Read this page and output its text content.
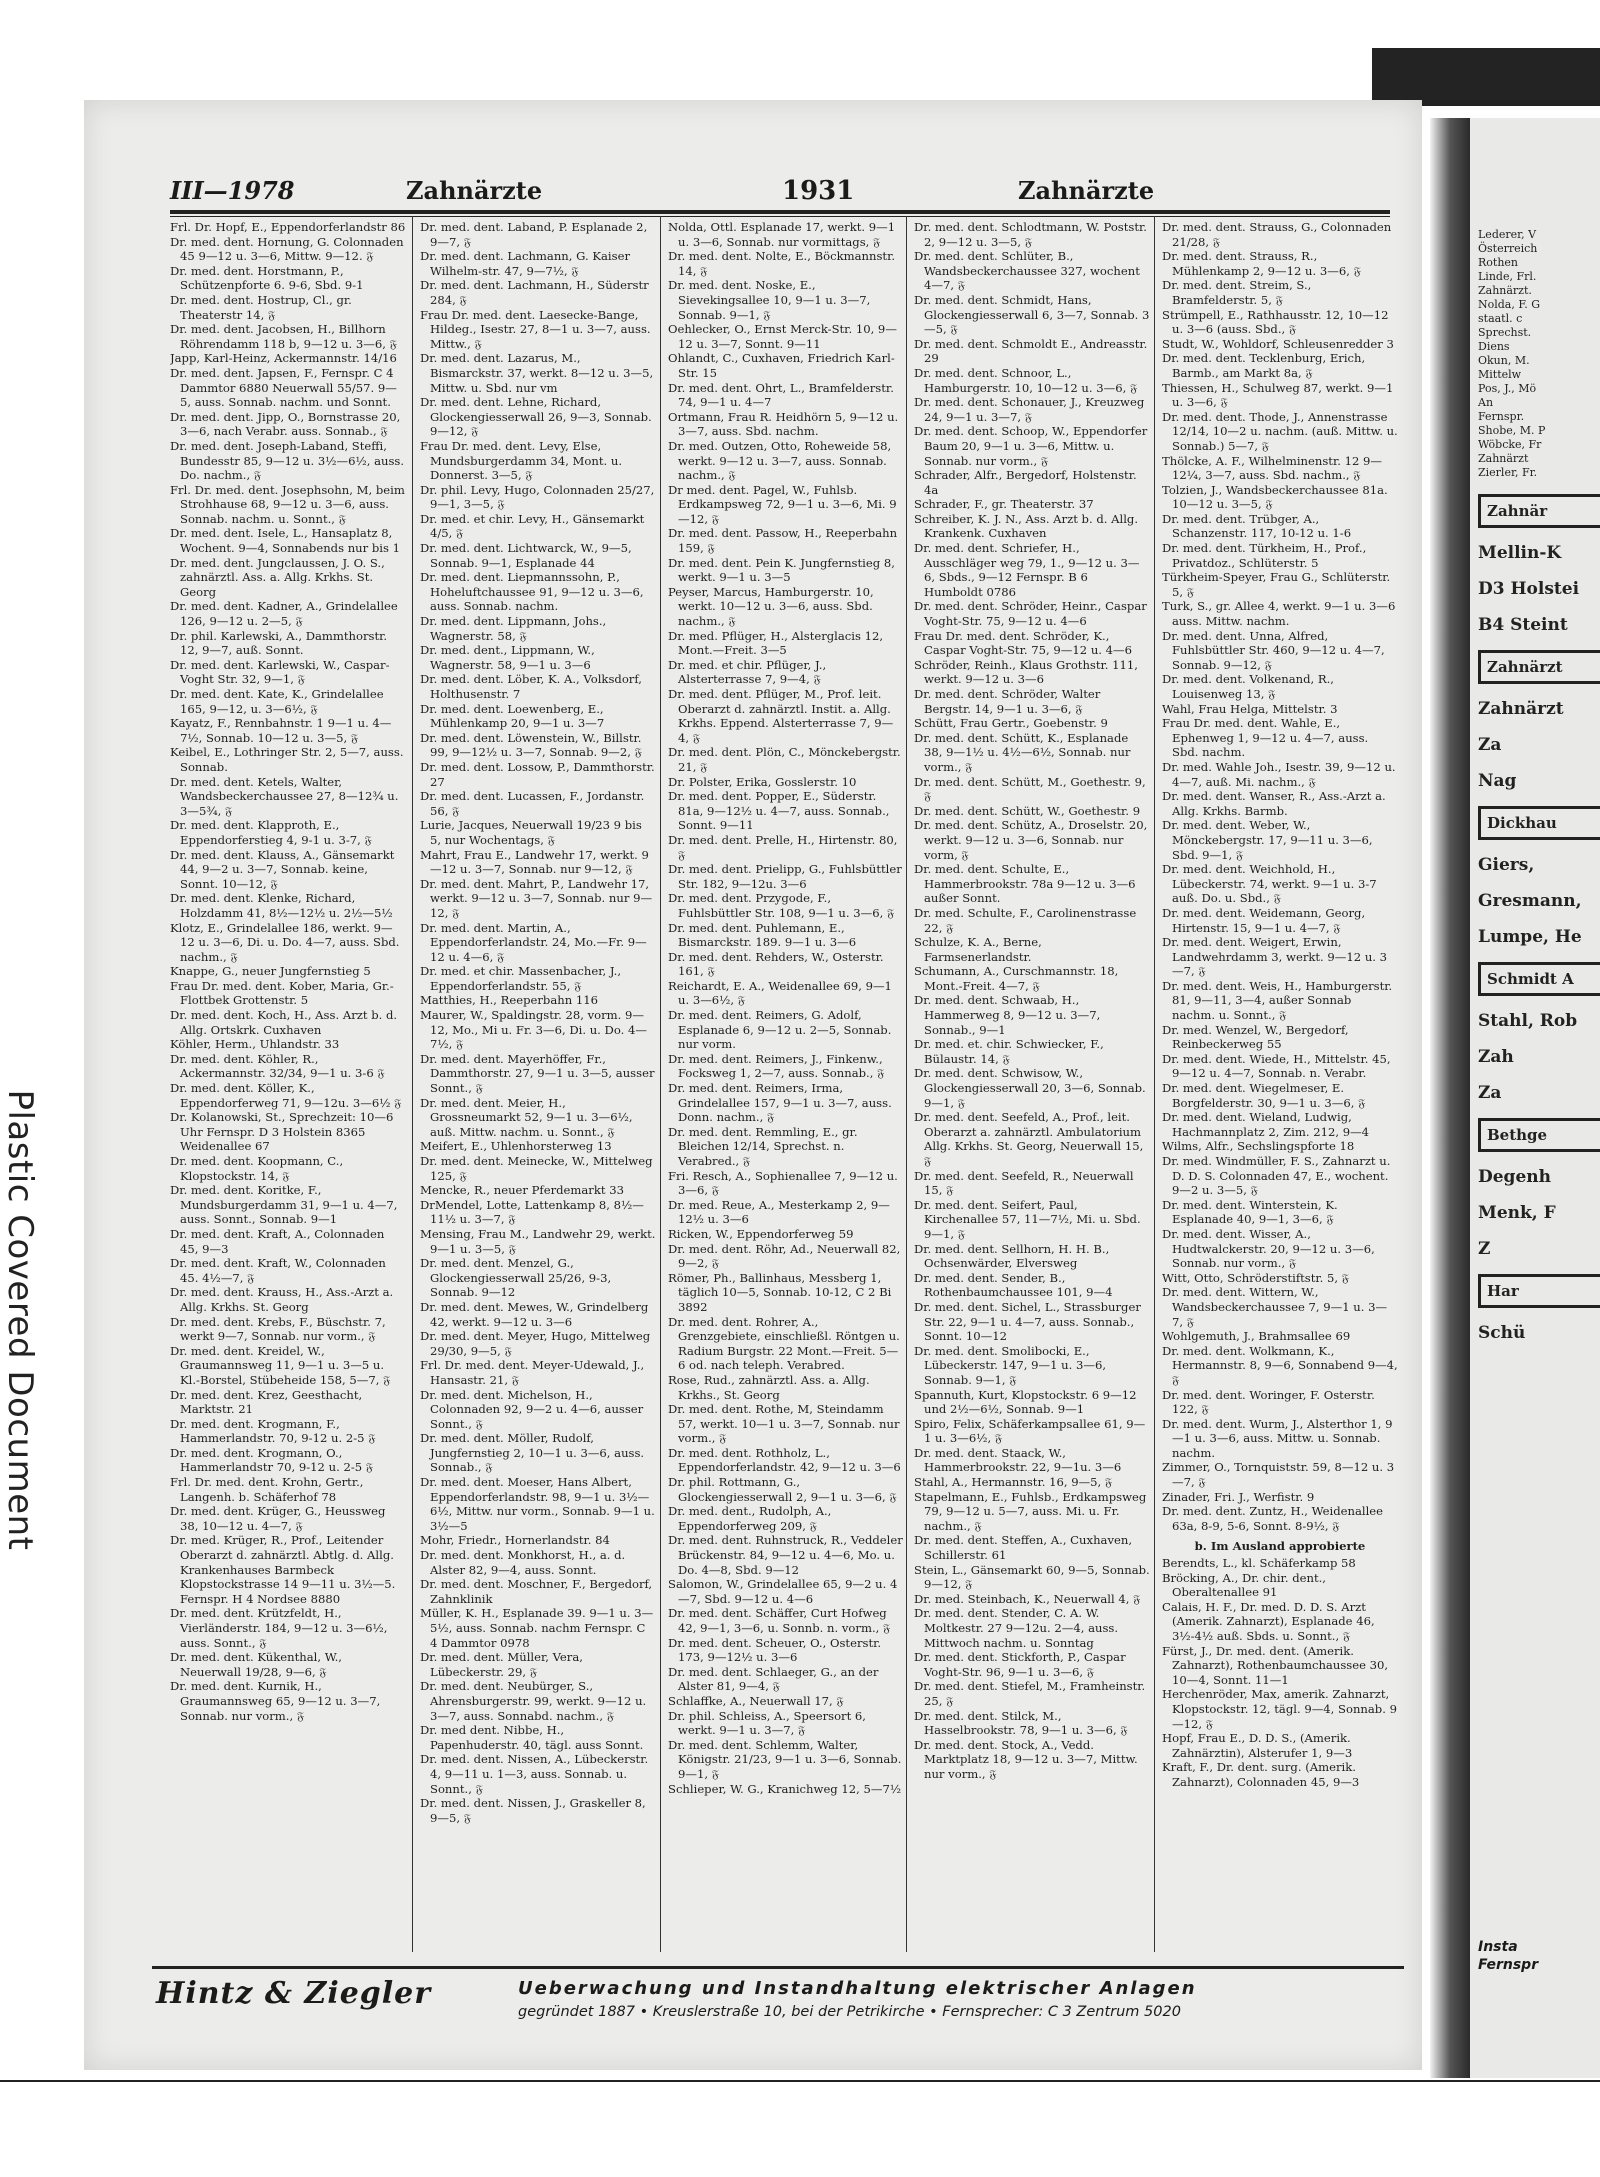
Plastic Covered Document
III—1978	Zahnärzte	1931	Zahnärzte

Frl. Dr. Hopf, E., Eppendorferlandstr 86

Dr. med. dent. Hornung, G. Colonnaden 45 9—12 u. 3—6, Mittw. 9—12. 𝔉

Dr. med. dent. Horstmann, P., Schützenpforte 6. 9-6, Sbd. 9-1

Dr. med. dent. Hostrup, Cl., gr. Theaterstr 14, 𝔉

Dr. med. dent. Jacobsen, H., Billhorn Röhrendamm 118 b, 9—12 u. 3—6, 𝔉

Japp, Karl-Heinz, Ackermannstr. 14/16

Dr. med. dent. Japsen, F., Fernspr. C 4 Dammtor 6880 Neuerwall 55/57. 9—5, auss. Sonnab. nachm. und Sonnt.

Dr. med. dent. Jipp, O., Bornstrasse 20, 3—6, nach Verabr. auss. Sonnab., 𝔉

Dr. med. dent. Joseph-Laband, Steffi, Bundesstr 85, 9—12 u. 3½—6½, auss. Do. nachm., 𝔉

Frl. Dr. med. dent. Josephsohn, M, beim Strohhause 68, 9—12 u. 3—6, auss. Sonnab. nachm. u. Sonnt., 𝔉

Dr. med. dent. Isele, L., Hansaplatz 8, Wochent. 9—4, Sonnabends nur bis 1

Dr. med. dent. Jungclaussen, J. O. S., zahnärztl. Ass. a. Allg. Krkhs. St. Georg

Dr. med. dent. Kadner, A., Grindelallee 126, 9—12 u. 2—5, 𝔉

Dr. phil. Karlewski, A., Dammthorstr. 12, 9—7, auß. Sonnt.

Dr. med. dent. Karlewski, W., Caspar-Voght Str. 32, 9—1, 𝔉

Dr. med. dent. Kate, K., Grindelallee 165, 9—12, u. 3—6½, 𝔉

Kayatz, F., Rennbahnstr. 1 9—1 u. 4—7½, Sonnab. 10—12 u. 3—5, 𝔉

Keibel, E., Lothringer Str. 2, 5—7, auss. Sonnab.

Dr. med. dent. Ketels, Walter, Wandsbeckerchaussee 27, 8—12¾ u. 3—5¾, 𝔉

Dr. med. dent. Klapproth, E., Eppendorferstieg 4, 9-1 u. 3-7, 𝔉

Dr. med. dent. Klauss, A., Gänsemarkt 44, 9—2 u. 3—7, Sonnab. keine, Sonnt. 10—12, 𝔉

Dr. med. dent. Klenke, Richard, Holzdamm 41, 8½—12½ u. 2½—5½

Klotz, E., Grindelallee 186, werkt. 9—12 u. 3—6, Di. u. Do. 4—7, auss. Sbd. nachm., 𝔉

Knappe, G., neuer Jungfernstieg 5

Frau Dr. med. dent. Kober, Maria, Gr.-Flottbek Grottenstr. 5

Dr. med. dent. Koch, H., Ass. Arzt b. d. Allg. Ortskrk. Cuxhaven

Köhler, Herm., Uhlandstr. 33

Dr. med. dent. Köhler, R., Ackermannstr. 32/34, 9—1 u. 3-6 𝔉

Dr. med. dent. Köller, K., Eppendorferweg 71, 9—12u. 3—6½ 𝔉

Dr. Kolanowski, St., Sprechzeit: 10—6 Uhr Fernspr. D 3 Holstein 8365 Weidenallee 67

Dr. med. dent. Koopmann, C., Klopstockstr. 14, 𝔉

Dr. med. dent. Koritke, F., Mundsburgerdamm 31, 9—1 u. 4—7, auss. Sonnt., Sonnab. 9—1

Dr. med. dent. Kraft, A., Colonnaden 45, 9—3

Dr. med. dent. Kraft, W., Colonnaden 45. 4½—7, 𝔉

Dr. med. dent. Krauss, H., Ass.-Arzt a. Allg. Krkhs. St. Georg

Dr. med. dent. Krebs, F., Büschstr. 7, werkt 9—7, Sonnab. nur vorm., 𝔉

Dr. med. dent. Kreidel, W., Graumannsweg 11, 9—1 u. 3—5 u. Kl.-Borstel, Stübeheide 158, 5—7, 𝔉

Dr. med. dent. Krez, Geesthacht, Marktstr. 21

Dr. med. dent. Krogmann, F., Hammerlandstr. 70, 9-12 u. 2-5 𝔉

Dr. med. dent. Krogmann, O., Hammerlandstr 70, 9-12 u. 2-5 𝔉

Frl. Dr. med. dent. Krohn, Gertr., Langenh. b. Schäferhof 78

Dr. med. dent. Krüger, G., Heussweg 38, 10—12 u. 4—7, 𝔉

Dr. med. Krüger, R., Prof., Leitender Oberarzt d. zahnärztl. Abtlg. d. Allg. Krankenhauses Barmbeck Klopstockstrasse 14 9—11 u. 3½—5. Fernspr. H 4 Nordsee 8880

Dr. med. dent. Krützfeldt, H., Vierländerstr. 184, 9—12 u. 3—6½, auss. Sonnt., 𝔉

Dr. med. dent. Kükenthal, W., Neuerwall 19/28, 9—6, 𝔉

Dr. med. dent. Kurnik, H., Graumannsweg 65, 9—12 u. 3—7, Sonnab. nur vorm., 𝔉

Dr. med. dent. Laband, P. Esplanade 2, 9—7, 𝔉

Dr. med. dent. Lachmann, G. Kaiser Wilhelm-str. 47, 9—7½, 𝔉

Dr. med. dent. Lachmann, H., Süderstr 284, 𝔉

Frau Dr. med. dent. Laesecke-Bange, Hildeg., Isestr. 27, 8—1 u. 3—7, auss. Mittw., 𝔉

Dr. med. dent. Lazarus, M., Bismarckstr. 37, werkt. 8—12 u. 3—5, Mittw. u. Sbd. nur vm

Dr. med. dent. Lehne, Richard, Glockengiesserwall 26, 9—3, Sonnab. 9—12, 𝔉

Frau Dr. med. dent. Levy, Else, Mundsburgerdamm 34, Mont. u. Donnerst. 3—5, 𝔉

Dr. phil. Levy, Hugo, Colonnaden 25/27, 9—1, 3—5, 𝔉

Dr. med. et chir. Levy, H., Gänsemarkt 4/5, 𝔉

Dr. med. dent. Lichtwarck, W., 9—5, Sonnab. 9—1, Esplanade 44

Dr. med. dent. Liepmannssohn, P., Hoheluftchaussee 91, 9—12 u. 3—6, auss. Sonnab. nachm.

Dr. med. dent. Lippmann, Johs., Wagnerstr. 58, 𝔉

Dr. med. dent., Lippmann, W., Wagnerstr. 58, 9—1 u. 3—6

Dr. med. dent. Löber, K. A., Volksdorf, Holthusenstr. 7

Dr. med. dent. Loewenberg, E., Mühlenkamp 20, 9—1 u. 3—7

Dr. med. dent. Löwenstein, W., Billstr. 99, 9—12½ u. 3—7, Sonnab. 9—2, 𝔉

Dr. med. dent. Lossow, P., Dammthorstr. 27

Dr. med. dent. Lucassen, F., Jordanstr. 56, 𝔉

Lurie, Jacques, Neuerwall 19/23 9 bis 5, nur Wochentags, 𝔉

Mahrt, Frau E., Landwehr 17, werkt. 9—12 u. 3—7, Sonnab. nur 9—12, 𝔉

Dr. med. dent. Mahrt, P., Landwehr 17, werkt. 9—12 u. 3—7, Sonnab. nur 9—12, 𝔉

Dr. med. dent. Martin, A., Eppendorferlandstr. 24, Mo.—Fr. 9—12 u. 4—6, 𝔉

Dr. med. et chir. Massenbacher, J., Eppendorferlandstr. 55, 𝔉

Matthies, H., Reeperbahn 116

Maurer, W., Spaldingstr. 28, vorm. 9—12, Mo., Mi u. Fr. 3—6, Di. u. Do. 4—7½, 𝔉

Dr. med. dent. Mayerhöffer, Fr., Dammthorstr. 27, 9—1 u. 3—5, ausser Sonnt., 𝔉

Dr. med. dent. Meier, H., Grossneumarkt 52, 9—1 u. 3—6½, auß. Mittw. nachm. u. Sonnt., 𝔉

Meifert, E., Uhlenhorsterweg 13

Dr. med. dent. Meinecke, W., Mittelweg 125, 𝔉

Mencke, R., neuer Pferdemarkt 33

DrMendel, Lotte, Lattenkamp 8, 8½—11½ u. 3—7, 𝔉

Mensing, Frau M., Landwehr 29, werkt. 9—1 u. 3—5, 𝔉

Dr. med. dent. Menzel, G., Glockengiesserwall 25/26, 9-3, Sonnab. 9—12

Dr. med. dent. Mewes, W., Grindelberg 42, werkt. 9—12 u. 3—6

Dr. med. dent. Meyer, Hugo, Mittelweg 29/30, 9—5, 𝔉

Frl. Dr. med. dent. Meyer-Udewald, J., Hansastr. 21, 𝔉

Dr. med. dent. Michelson, H., Colonnaden 92, 9—2 u. 4—6, ausser Sonnt., 𝔉

Dr. med. dent. Möller, Rudolf, Jungfernstieg 2, 10—1 u. 3—6, auss. Sonnab., 𝔉

Dr. med. dent. Moeser, Hans Albert, Eppendorferlandstr. 98, 9—1 u. 3½—6½, Mittw. nur vorm., Sonnab. 9—1 u. 3½—5

Mohr, Friedr., Hornerlandstr. 84

Dr. med. dent. Monkhorst, H., a. d. Alster 82, 9—4, auss. Sonnt.

Dr. med. dent. Moschner, F., Bergedorf, Zahnklinik

Müller, K. H., Esplanade 39. 9—1 u. 3—5½, auss. Sonnab. nachm Fernspr. C 4 Dammtor 0978

Dr. med. dent. Müller, Vera, Lübeckerstr. 29, 𝔉

Dr. med. dent. Neubürger, S., Ahrensburgerstr. 99, werkt. 9—12 u. 3—7, auss. Sonnabd. nachm., 𝔉

Dr. med dent. Nibbe, H., Papenhuderstr. 40, tägl. auss Sonnt.

Dr. med. dent. Nissen, A., Lübeckerstr. 4, 9—11 u. 1—3, auss. Sonnab. u. Sonnt., 𝔉

Dr. med. dent. Nissen, J., Graskeller 8, 9—5, 𝔉

Nolda, Ottl. Esplanade 17, werkt. 9—1 u. 3—6, Sonnab. nur vormittags, 𝔉

Dr. med. dent. Nolte, E., Böckmannstr. 14, 𝔉

Dr. med. dent. Noske, E., Sievekingsallee 10, 9—1 u. 3—7, Sonnab. 9—1, 𝔉

Oehlecker, O., Ernst Merck-Str. 10, 9—12 u. 3—7, Sonnt. 9—11

Ohlandt, C., Cuxhaven, Friedrich Karl-Str. 15

Dr. med. dent. Ohrt, L., Bramfelderstr. 74, 9—1 u. 4—7

Ortmann, Frau R. Heidhörn 5, 9—12 u. 3—7, auss. Sbd. nachm.

Dr. med. Outzen, Otto, Roheweide 58, werkt. 9—12 u. 3—7, auss. Sonnab. nachm., 𝔉

Dr med. dent. Pagel, W., Fuhlsb. Erdkampsweg 72, 9—1 u. 3—6, Mi. 9—12, 𝔉

Dr. med. dent. Passow, H., Reeperbahn 159, 𝔉

Dr. med. dent. Pein K. Jungfernstieg 8, werkt. 9—1 u. 3—5

Peyser, Marcus, Hamburgerstr. 10, werkt. 10—12 u. 3—6, auss. Sbd. nachm., 𝔉

Dr. med. Pflüger, H., Alsterglacis 12, Mont.—Freit. 3—5

Dr. med. et chir. Pflüger, J., Alsterterrasse 7, 9—4, 𝔉

Dr. med. dent. Pflüger, M., Prof. leit. Oberarzt d. zahnärztl. Instit. a. Allg. Krkhs. Eppend. Alsterterrasse 7, 9—4, 𝔉

Dr. med. dent. Plön, C., Mönckebergstr. 21, 𝔉

Dr. Polster, Erika, Gosslerstr. 10

Dr. med. dent. Popper, E., Süderstr. 81a, 9—12½ u. 4—7, auss. Sonnab., Sonnt. 9—11

Dr. med. dent. Prelle, H., Hirtenstr. 80, 𝔉

Dr. med. dent. Prielipp, G., Fuhlsbüttler Str. 182, 9—12u. 3—6

Dr. med. dent. Przygode, F., Fuhlsbüttler Str. 108, 9—1 u. 3—6, 𝔉

Dr. med. dent. Puhlemann, E., Bismarckstr. 189. 9—1 u. 3—6

Dr. med. dent. Rehders, W., Osterstr. 161, 𝔉

Reichardt, E. A., Weidenallee 69, 9—1 u. 3—6½, 𝔉

Dr. med. dent. Reimers, G. Adolf, Esplanade 6, 9—12 u. 2—5, Sonnab. nur vorm.

Dr. med. dent. Reimers, J., Finkenw., Focksweg 1, 2—7, auss. Sonnab., 𝔉

Dr. med. dent. Reimers, Irma, Grindelallee 157, 9—1 u. 3—7, auss. Donn. nachm., 𝔉

Dr. med. dent. Remmling, E., gr. Bleichen 12/14, Sprechst. n. Verabred., 𝔉

Fri. Resch, A., Sophienallee 7, 9—12 u. 3—6, 𝔉

Dr. med. Reue, A., Mesterkamp 2, 9—12½ u. 3—6

Ricken, W., Eppendorferweg 59

Dr. med. dent. Röhr, Ad., Neuerwall 82, 9—2, 𝔉

Römer, Ph., Ballinhaus, Messberg 1, täglich 10—5, Sonnab. 10-12, C 2 Bi 3892

Dr. med. dent. Rohrer, A., Grenzgebiete, einschließl. Röntgen u. Radium Burgstr. 22 Mont.—Freit. 5—6 od. nach teleph. Verabred.

Rose, Rud., zahnärztl. Ass. a. Allg. Krkhs., St. Georg

Dr. med. dent. Rothe, M, Steindamm 57, werkt. 10—1 u. 3—7, Sonnab. nur vorm., 𝔉

Dr. med. dent. Rothholz, L., Eppendorferlandstr. 42, 9—12 u. 3—6

Dr. phil. Rottmann, G., Glockengiesserwall 2, 9—1 u. 3—6, 𝔉

Dr. med. dent., Rudolph, A., Eppendorferweg 209, 𝔉

Dr. med. dent. Ruhnstruck, R., Veddeler Brückenstr. 84, 9—12 u. 4—6, Mo. u. Do. 4—8, Sbd. 9—12

Salomon, W., Grindelallee 65, 9—2 u. 4—7, Sbd. 9—12 u. 4—6

Dr. med. dent. Schäffer, Curt Hofweg 42, 9—1, 3—6, u. Sonnb. n. vorm., 𝔉

Dr. med. dent. Scheuer, O., Osterstr. 173, 9—12½ u. 3—6

Dr. med. dent. Schlaeger, G., an der Alster 81, 9—4, 𝔉

Schlaffke, A., Neuerwall 17, 𝔉

Dr. phil. Schleiss, A., Speersort 6, werkt. 9—1 u. 3—7, 𝔉

Dr. med. dent. Schlemm, Walter, Königstr. 21/23, 9—1 u. 3—6, Sonnab. 9—1, 𝔉

Schlieper, W. G., Kranichweg 12, 5—7½

Dr. med. dent. Schlodtmann, W. Poststr. 2, 9—12 u. 3—5, 𝔉

Dr. med. dent. Schlüter, B., Wandsbeckerchaussee 327, wochent 4—7, 𝔉

Dr. med. dent. Schmidt, Hans, Glockengiesserwall 6, 3—7, Sonnab. 3—5, 𝔉

Dr. med. dent. Schmoldt E., Andreasstr. 29

Dr. med. dent. Schnoor, L., Hamburgerstr. 10, 10—12 u. 3—6, 𝔉

Dr. med. dent. Schonauer, J., Kreuzweg 24, 9—1 u. 3—7, 𝔉

Dr. med. dent. Schoop, W., Eppendorfer Baum 20, 9—1 u. 3—6, Mittw. u. Sonnab. nur vorm., 𝔉

Schrader, Alfr., Bergedorf, Holstenstr. 4a

Schrader, F., gr. Theaterstr. 37

Schreiber, K. J. N., Ass. Arzt b. d. Allg. Krankenk. Cuxhaven

Dr. med. dent. Schriefer, H., Ausschläger weg 79, 1., 9—12 u. 3—6, Sbds., 9—12 Fernspr. B 6 Humboldt 0786

Dr. med. dent. Schröder, Heinr., Caspar Voght-Str. 75, 9—12 u. 4—6

Frau Dr. med. dent. Schröder, K., Caspar Voght-Str. 75, 9—12 u. 4—6

Schröder, Reinh., Klaus Grothstr. 111, werkt. 9—12 u. 3—6

Dr. med. dent. Schröder, Walter Bergstr. 14, 9—1 u. 3—6, 𝔉

Schütt, Frau Gertr., Goebenstr. 9

Dr. med. dent. Schütt, K., Esplanade 38, 9—1½ u. 4½—6½, Sonnab. nur vorm., 𝔉

Dr. med. dent. Schütt, M., Goethestr. 9, 𝔉

Dr. med. dent. Schütt, W., Goethestr. 9

Dr. med. dent. Schütz, A., Droselstr. 20, werkt. 9—12 u. 3—6, Sonnab. nur vorm, 𝔉

Dr. med. dent. Schulte, E., Hammerbrookstr. 78a 9—12 u. 3—6 außer Sonnt.

Dr. med. Schulte, F., Carolinenstrasse 22, 𝔉

Schulze, K. A., Berne, Farmsenerlandstr.

Schumann, A., Curschmannstr. 18, Mont.-Freit. 4—7, 𝔉

Dr. med. dent. Schwaab, H., Hammerweg 8, 9—12 u. 3—7, Sonnab., 9—1

Dr. med. et. chir. Schwiecker, F., Bülaustr. 14, 𝔉

Dr. med. dent. Schwisow, W., Glockengiesserwall 20, 3—6, Sonnab. 9—1, 𝔉

Dr. med. dent. Seefeld, A., Prof., leit. Oberarzt a. zahnärztl. Ambulatorium Allg. Krkhs. St. Georg, Neuerwall 15, 𝔉

Dr. med. dent. Seefeld, R., Neuerwall 15, 𝔉

Dr. med. dent. Seifert, Paul, Kirchenallee 57, 11—7½, Mi. u. Sbd. 9—1, 𝔉

Dr. med. dent. Sellhorn, H. H. B., Ochsenwärder, Elversweg

Dr. med. dent. Sender, B., Rothenbaumchaussee 101, 9—4

Dr. med. dent. Sichel, L., Strassburger Str. 22, 9—1 u. 4—7, auss. Sonnab., Sonnt. 10—12

Dr. med. dent. Smolibocki, E., Lübeckerstr. 147, 9—1 u. 3—6, Sonnab. 9—1, 𝔉

Spannuth, Kurt, Klopstockstr. 6 9—12 und 2½—6½, Sonnab. 9—1

Spiro, Felix, Schäferkampsallee 61, 9—1 u. 3—6½, 𝔉

Dr. med. dent. Staack, W., Hammerbrookstr. 22, 9—1u. 3—6

Stahl, A., Hermannstr. 16, 9—5, 𝔉

Stapelmann, E., Fuhlsb., Erdkampsweg 79, 9—12 u. 5—7, auss. Mi. u. Fr. nachm., 𝔉

Dr. med. dent. Steffen, A., Cuxhaven, Schillerstr. 61

Stein, L., Gänsemarkt 60, 9—5, Sonnab. 9—12, 𝔉

Dr. med. Steinbach, K., Neuerwall 4, 𝔉

Dr. med. dent. Stender, C. A. W. Moltkestr. 27 9—12u. 2—4, auss. Mittwoch nachm. u. Sonntag

Dr. med. dent. Stickforth, P., Caspar Voght-Str. 96, 9—1 u. 3—6, 𝔉

Dr. med. dent. Stiefel, M., Framheinstr. 25, 𝔉

Dr. med. dent. Stilck, M., Hasselbrookstr. 78, 9—1 u. 3—6, 𝔉

Dr. med. dent. Stock, A., Vedd. Marktplatz 18, 9—12 u. 3—7, Mittw. nur vorm., 𝔉

Dr. med. dent. Strauss, G., Colonnaden 21/28, 𝔉

Dr. med. dent. Strauss, R., Mühlenkamp 2, 9—12 u. 3—6, 𝔉

Dr. med. dent. Streim, S., Bramfelderstr. 5, 𝔉

Strümpell, E., Rathhausstr. 12, 10—12 u. 3—6 (auss. Sbd., 𝔉

Studt, W., Wohldorf, Schleusenredder 3

Dr. med. dent. Tecklenburg, Erich, Barmb., am Markt 8a, 𝔉

Thiessen, H., Schulweg 87, werkt. 9—1 u. 3—6, 𝔉

Dr. med. dent. Thode, J., Annenstrasse 12/14, 10—2 u. nachm. (auß. Mittw. u. Sonnab.) 5—7, 𝔉

Thölcke, A. F., Wilhelminenstr. 12 9—12¼, 3—7, auss. Sbd. nachm., 𝔉

Tolzien, J., Wandsbeckerchaussee 81a. 10—12 u. 3—5, 𝔉

Dr. med. dent. Trübger, A., Schanzenstr. 117, 10-12 u. 1-6

Dr. med. dent. Türkheim, H., Prof., Privatdoz., Schlüterstr. 5

Türkheim-Speyer, Frau G., Schlüterstr. 5, 𝔉

Turk, S., gr. Allee 4, werkt. 9—1 u. 3—6 auss. Mittw. nachm.

Dr. med. dent. Unna, Alfred, Fuhlsbüttler Str. 460, 9—12 u. 4—7, Sonnab. 9—12, 𝔉

Dr. med. dent. Volkenand, R., Louisenweg 13, 𝔉

Wahl, Frau Helga, Mittelstr. 3

Frau Dr. med. dent. Wahle, E., Ephenweg 1, 9—12 u. 4—7, auss. Sbd. nachm.

Dr. med. Wahle Joh., Isestr. 39, 9—12 u. 4—7, auß. Mi. nachm., 𝔉

Dr. med. dent. Wanser, R., Ass.-Arzt a. Allg. Krkhs. Barmb.

Dr. med. dent. Weber, W., Mönckebergstr. 17, 9—11 u. 3—6, Sbd. 9—1, 𝔉

Dr. med. dent. Weichhold, H., Lübeckerstr. 74, werkt. 9—1 u. 3-7 auß. Do. u. Sbd., 𝔉

Dr. med. dent. Weidemann, Georg, Hirtenstr. 15, 9—1 u. 4—7, 𝔉

Dr. med. dent. Weigert, Erwin, Landwehrdamm 3, werkt. 9—12 u. 3—7, 𝔉

Dr. med. dent. Weis, H., Hamburgerstr. 81, 9—11, 3—4, außer Sonnab nachm. u. Sonnt., 𝔉

Dr. med. Wenzel, W., Bergedorf, Reinbeckerweg 55

Dr. med. dent. Wiede, H., Mittelstr. 45, 9—12 u. 4—7, Sonnab. n. Verabr.

Dr. med. dent. Wiegelmeser, E. Borgfelderstr. 30, 9—1 u. 3—6, 𝔉

Dr. med. dent. Wieland, Ludwig, Hachmannplatz 2, Zim. 212, 9—4

Wilms, Alfr., Sechslingspforte 18

Dr. med. Windmüller, F. S., Zahnarzt u. D. D. S. Colonnaden 47, E., wochent. 9—2 u. 3—5, 𝔉

Dr. med. dent. Winterstein, K. Esplanade 40, 9—1, 3—6, 𝔉

Dr. med. dent. Wisser, A., Hudtwalckerstr. 20, 9—12 u. 3—6, Sonnab. nur vorm., 𝔉

Witt, Otto, Schröderstiftstr. 5, 𝔉

Dr. med. dent. Wittern, W., Wandsbeckerchaussee 7, 9—1 u. 3—7, 𝔉

Wohlgemuth, J., Brahmsallee 69

Dr. med. dent. Wolkmann, K., Hermannstr. 8, 9—6, Sonnabend 9—4, 𝔉

Dr. med. dent. Woringer, F. Osterstr. 122, 𝔉

Dr. med. dent. Wurm, J., Alsterthor 1, 9—1 u. 3—6, auss. Mittw. u. Sonnab. nachm.

Zimmer, O., Tornquiststr. 59, 8—12 u. 3—7, 𝔉

Zinader, Fri. J., Werfistr. 9

Dr. med. dent. Zuntz, H., Weidenallee 63a, 8-9, 5-6, Sonnt. 8-9½, 𝔉

b. Im Ausland approbierte

Berendts, L., kl. Schäferkamp 58

Bröcking, A., Dr. chir. dent., Oberaltenallee 91

Calais, H. F., Dr. med. D. D. S. Arzt (Amerik. Zahnarzt), Esplanade 46, 3½-4½ auß. Sbds. u. Sonnt., 𝔉

Fürst, J., Dr. med. dent. (Amerik. Zahnarzt), Rothenbaumchaussee 30, 10—4, Sonnt. 11—1

Herchenröder, Max, amerik. Zahnarzt, Klopstockstr. 12, tägl. 9—4, Sonnab. 9—12, 𝔉

Hopf, Frau E., D. D. S., (Amerik. Zahnärztin), Alsterufer 1, 9—3

Kraft, F., Dr. dent. surg. (Amerik. Zahnarzt), Colonnaden 45, 9—3

Hintz & Ziegler	Ueberwachung und Instandhaltung elektrischer Anlagen
gegründet 1887 • Kreuslerstraße 10, bei der Petrikirche • Fernsprecher: C 3 Zentrum 5020

Lederer, V

Österreich

Rothen

Linde, Frl.

Zahnärzt.

Nolda, F. G

staatl. c

Sprechst.

Diens

Okun, M.

Mittelw

Pos, J., Mö

An

Fernspr.

Shobe, M. P

Wöbcke, Fr

Zahnärzt

Zierler, Fr.

Zahnär

Mellin-K

D3 Holstei

B4 Steint

Zahnärzt

Zahnärzt

Za

Nag

Dickhau

Giers,

Gresmann,

Lumpe, He

Schmidt A

Stahl, Rob

Zah

Za

Bethge

Degenh

Menk, F

Z

Har

Schü

Insta
Fernspr
